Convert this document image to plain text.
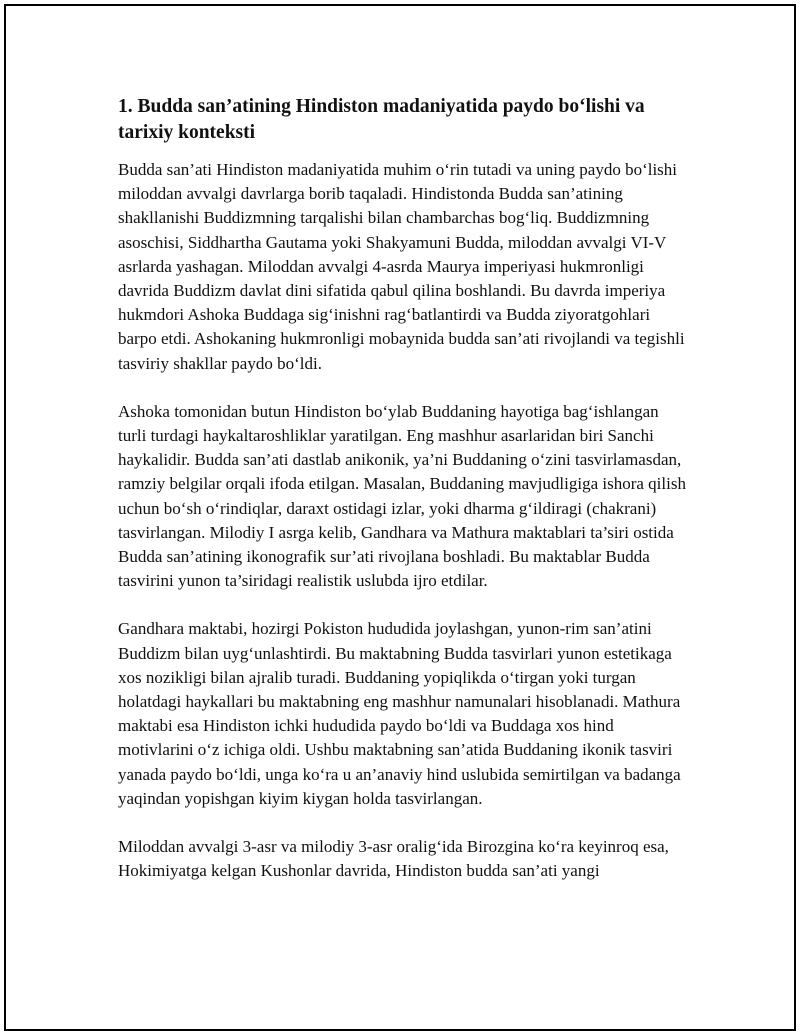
1. Budda san’atining Hindiston madaniyatida paydo bo‘lishi va tarixiy konteksti

Budda san’ati Hindiston madaniyatida muhim o‘rin tutadi va uning paydo bo‘lishi miloddan avvalgi davrlarga borib taqaladi. Hindistonda Budda san’atining shakllanishi Buddizmning tarqalishi bilan chambarchas bog‘liq. Buddizmning asoschisi, Siddhartha Gautama yoki Shakyamuni Budda, miloddan avvalgi VI-V asrlarda yashagan. Miloddan avvalgi 4-asrda Maurya imperiyasi hukmronligi davrida Buddizm davlat dini sifatida qabul qilina boshlandi. Bu davrda imperiya hukmdori Ashoka Buddaga sig‘inishni rag‘batlantirdi va Budda ziyoratgohlari barpo etdi. Ashokaning hukmronligi mobaynida budda san’ati rivojlandi va tegishli tasviriy shakllar paydo bo‘ldi.

Ashoka tomonidan butun Hindiston bo‘ylab Buddaning hayotiga bag‘ishlangan turli turdagi haykaltaroshliklar yaratilgan. Eng mashhur asarlaridan biri Sanchi haykalidir. Budda san’ati dastlab anikonik, ya’ni Buddaning o‘zini tasvirlamasdan, ramziy belgilar orqali ifoda etilgan. Masalan, Buddaning mavjudligiga ishora qilish uchun bo‘sh o‘rindiqlar, daraxt ostidagi izlar, yoki dharma g‘ildiragi (chakrani) tasvirlangan. Milodiy I asrga kelib, Gandhara va Mathura maktablari ta’siri ostida Budda san’atining ikonografik sur’ati rivojlana boshladi. Bu maktablar Budda tasvirini yunon ta’siridagi realistik uslubda ijro etdilar.

Gandhara maktabi, hozirgi Pokiston hududida joylashgan, yunon-rim san’atini Buddizm bilan uyg‘unlashtirdi. Bu maktabning Budda tasvirlari yunon estetikaga xos nozikligi bilan ajralib turadi. Buddaning yopiqlikda o‘tirgan yoki turgan holatdagi haykallari bu maktabning eng mashhur namunalari hisoblanadi. Mathura maktabi esa Hindiston ichki hududida paydo bo‘ldi va Buddaga xos hind motivlarini o‘z ichiga oldi. Ushbu maktabning san’atida Buddaning ikonik tasviri yanada paydo bo‘ldi, unga ko‘ra u an’anaviy hind uslubida semirtilgan va badanga yaqindan yopishgan kiyim kiygan holda tasvirlangan.

Miloddan avvalgi 3-asr va milodiy 3-asr oralig‘ida Birozgina ko‘ra keyinroq esa, Hokimiyatga kelgan Kushonlar davrida, Hindiston budda san’ati yangi
